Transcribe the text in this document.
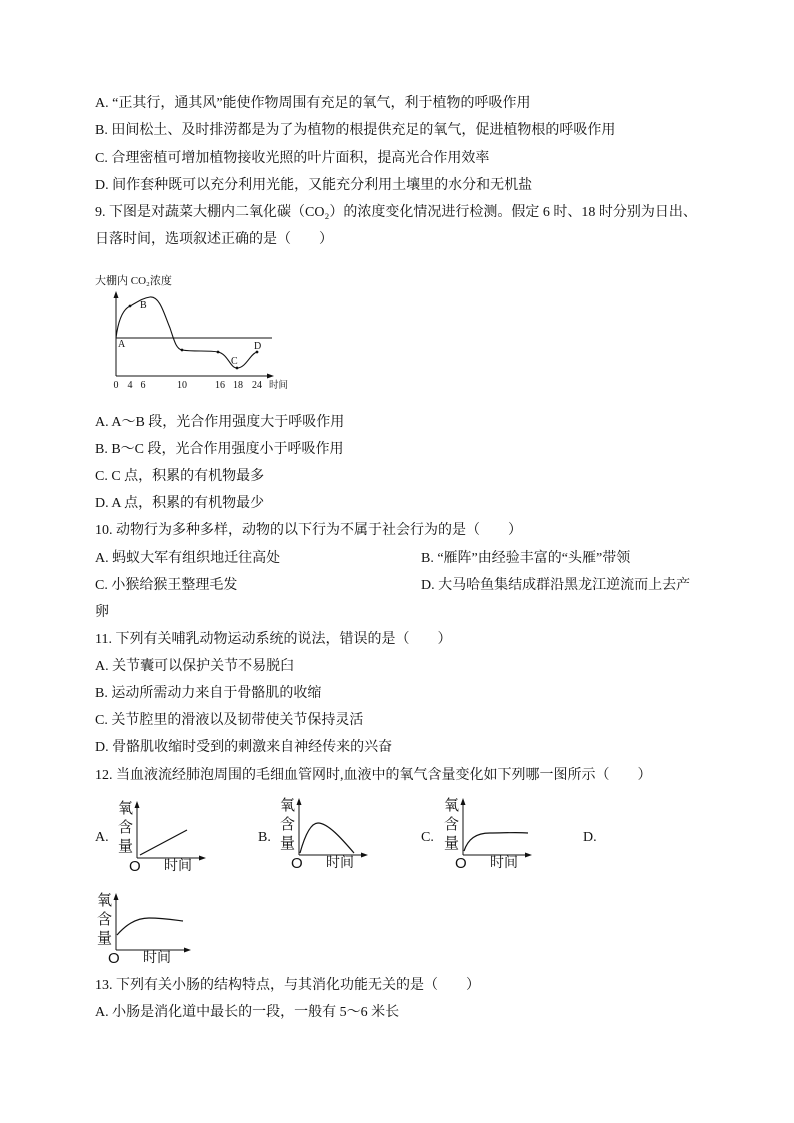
A. “正其行，通其风”能使作物周围有充足的氧气，利于植物的呼吸作用
B. 田间松土、及时排涝都是为了为植物的根提供充足的氧气，促进植物根的呼吸作用
C. 合理密植可增加植物接收光照的叶片面积，提高光合作用效率
D. 间作套种既可以充分利用光能，又能充分利用土壤里的水分和无机盐
9. 下图是对蔬菜大棚内二氧化碳（CO₂）的浓度变化情况进行检测。假定 6 时、18 时分别为日出、
日落时间，选项叙述正确的是（　　）
大棚内 CO₂浓度
A
B
C
D
0 4 6	10	16 18 24 时间
A. A～B 段，光合作用强度大于呼吸作用
B. B～C 段，光合作用强度小于呼吸作用
C. C 点，积累的有机物最多
D. A 点，积累的有机物最少
10. 动物行为多种多样，动物的以下行为不属于社会行为的是（　　）
A. 蚂蚁大军有组织地迁往高处	B. “雁阵”由经验丰富的“头雁”带领
C. 小猴给猴王整理毛发	D. 大马哈鱼集结成群沿黑龙江逆流而上去产
卵
11. 下列有关哺乳动物运动系统的说法，错误的是（　　）
A. 关节囊可以保护关节不易脱臼
B. 运动所需动力来自于骨骼肌的收缩
C. 关节腔里的滑液以及韧带使关节保持灵活
D. 骨骼肌收缩时受到的刺激来自神经传来的兴奋
12. 当血液流经肺泡周围的毛细血管网时,血液中的氧气含量变化如下列哪一图所示（　　）
A.	B.	C.	D.
氧含量
O 时间
氧含量
O 时间
氧含量
O 时间
氧含量
O 时间
13. 下列有关小肠的结构特点，与其消化功能无关的是（　　）
A. 小肠是消化道中最长的一段，一般有 5～6 米长
